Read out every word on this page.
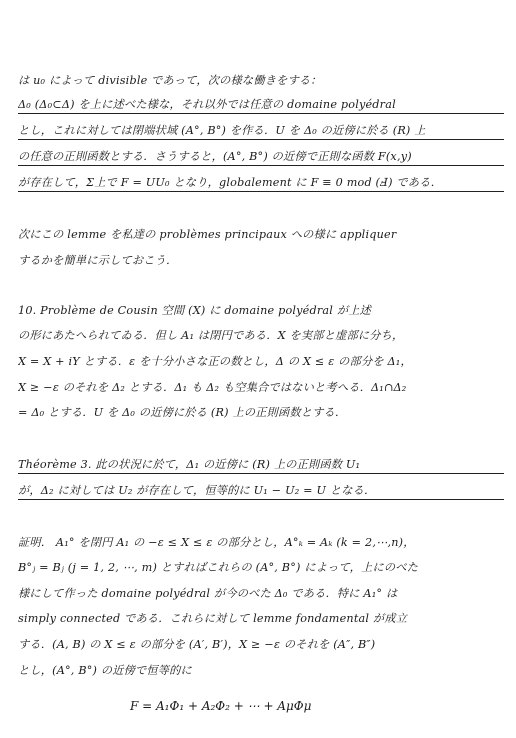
は u₀ によって divisible であって，次の様な働きをする：
Δ₀ (Δ₀⊂Δ) を上に述べた様な，それ以外では任意の domaine polyédral
とし，これに対しては閉端状域 (A°, B°) を作る．U を Δ₀ の近傍に於る (R) 上
の任意の正則函数とする．さうすると，(A°, B°) の近傍で正則な函数 F(x,y)
が存在して，Σ上で F = UU₀ となり，globalement に F ≡ 0 mod (Ⅎ) である．
次にこの lemme を私達の problèmes principaux への様に appliquer
するかを簡単に示しておこう．
10. Problème de Cousin 空間 (Ⅹ) に domaine polyédral が上述
の形にあたへられてゐる．但し A₁ は閉円である．X を実部と虚部に分ち，
X = X + iY とする．ε を十分小さな正の数とし，Δ の X ≤ ε の部分を Δ₁，
X ≥ −ε のそれを Δ₂ とする．Δ₁ も Δ₂ も空集合ではないと考へる．Δ₁∩Δ₂
= Δ₀ とする．U を Δ₀ の近傍に於る (R) 上の正則函数とする．
Théorème 3. 此の状況に於て，Δ₁ の近傍に (R) 上の正則函数 U₁
が，Δ₂ に対しては U₂ が存在して，恒等的に U₁ − U₂ = U となる．
証明． A₁° を閉円 A₁ の −ε ≤ X ≤ ε の部分とし，A°ₖ = Aₖ (k = 2,⋯,n)，
B°ⱼ = Bⱼ (j = 1, 2, ⋯, m) とすればこれらの (A°, B°) によって，上にのべた
様にして作った domaine polyédral が今のべた Δ₀ である．特に A₁° は
simply connected である．これらに対して lemme fondamental が成立
する．(A, B) の X ≤ ε の部分を (A′, B′)，X ≥ −ε のそれを (A″, B″)
とし，(A°, B°) の近傍で恒等的に
F = A₁Φ₁ + A₂Φ₂ + ⋯ + AμΦμ
